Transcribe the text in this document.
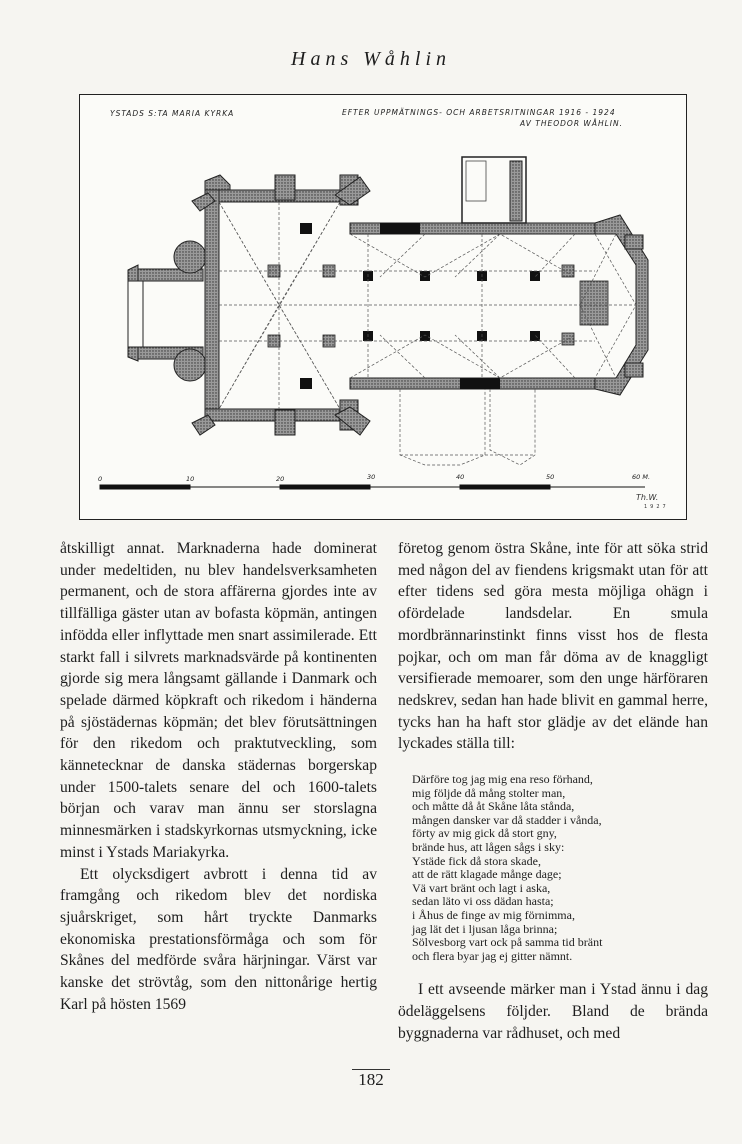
Hans Wåhlin
YSTADS S:TA MARIA KYRKA	EFTER UPPMÄTNINGS- OCH ARBETSRITNINGAR 1916 - 1924
AV THEODOR WÅHLIN.
0	10	20	30	40	50	60 M.
Th.W.
1927

åtskilligt annat. Marknaderna hade dominerat under medeltiden, nu blev handelsverksamheten permanent, och de stora affärerna gjordes inte av tillfälliga gäster utan av bofasta köpmän, antingen infödda eller inflyttade men snart assimilerade. Ett starkt fall i silvrets marknadsvärde på kontinenten gjorde sig mera långsamt gällande i Danmark och spelade därmed köpkraft och rikedom i händerna på sjöstädernas köpmän; det blev förutsättningen för den rikedom och praktutveckling, som kännetecknar de danska städernas borgerskap under 1500-talets senare del och 1600-talets början och varav man ännu ser storslagna minnesmärken i stadskyrkornas utsmyckning, icke minst i Ystads Mariakyrka.

Ett olycksdigert avbrott i denna tid av framgång och rikedom blev det nordiska sjuårskriget, som hårt tryckte Danmarks ekonomiska prestationsförmåga och som för Skånes del medförde svåra härjningar. Värst var kanske det strövtåg, som den nittonårige hertig Karl på hösten 1569

företog genom östra Skåne, inte för att söka strid med någon del av fiendens krigsmakt utan för att efter tidens sed göra mesta möjliga ohägn i ofördelade landsdelar. En smula mordbrännarinstinkt finns visst hos de flesta pojkar, och om man får döma av de knaggligt versifierade memoarer, som den unge härföraren nedskrev, sedan han hade blivit en gammal herre, tycks han ha haft stor glädje av det elände han lyckades ställa till:

Därföre tog jag mig ena reso förhand,
mig följde då mång stolter man,
och måtte då åt Skåne låta stånda,
mången dansker var då stadder i vånda,
förty av mig gick då stort gny,
brände hus, att lågen sågs i sky:
Ystäde fick då stora skade,
att de rätt klagade månge dage;
Vä vart bränt och lagt i aska,
sedan läto vi oss dädan hasta;
i Åhus de finge av mig förnimma,
jag lät det i ljusan låga brinna;
Sölvesborg vart ock på samma tid bränt
och flera byar jag ej gitter nämnt.

I ett avseende märker man i Ystad ännu i dag ödeläggelsens följder. Bland de brända byggnaderna var rådhuset, och med

182
